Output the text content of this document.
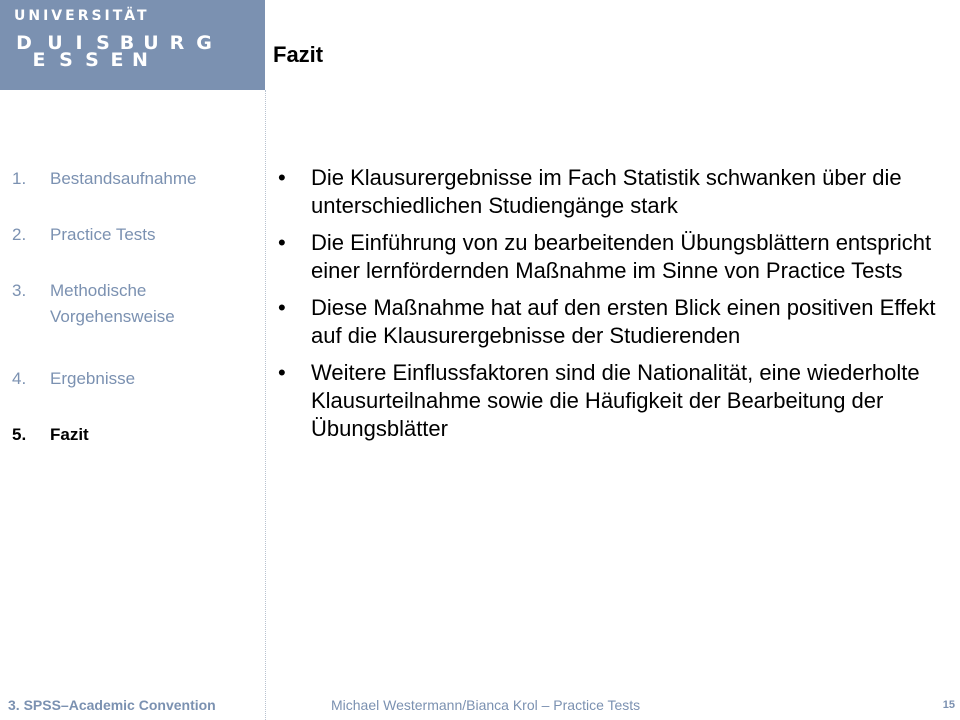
UNIVERSITÄT
D U I S B U R G
E S S E N	Fazit
1. Bestandsaufnahme
2. Practice Tests
3. Methodische Vorgehensweise
4. Ergebnisse
5. Fazit
• Die Klausurergebnisse im Fach Statistik schwanken über die unterschiedlichen Studiengänge stark
• Die Einführung von zu bearbeitenden Übungsblättern entspricht einer lernfördernden Maßnahme im Sinne von Practice Tests
• Diese Maßnahme hat auf den ersten Blick einen positiven Effekt auf die Klausurergebnisse der Studierenden
• Weitere Einflussfaktoren sind die Nationalität, eine wiederholte Klausurteilnahme sowie die Häufigkeit der Bearbeitung der Übungsblätter
3. SPSS–Academic Convention	Michael Westermann/Bianca Krol – Practice Tests	15
